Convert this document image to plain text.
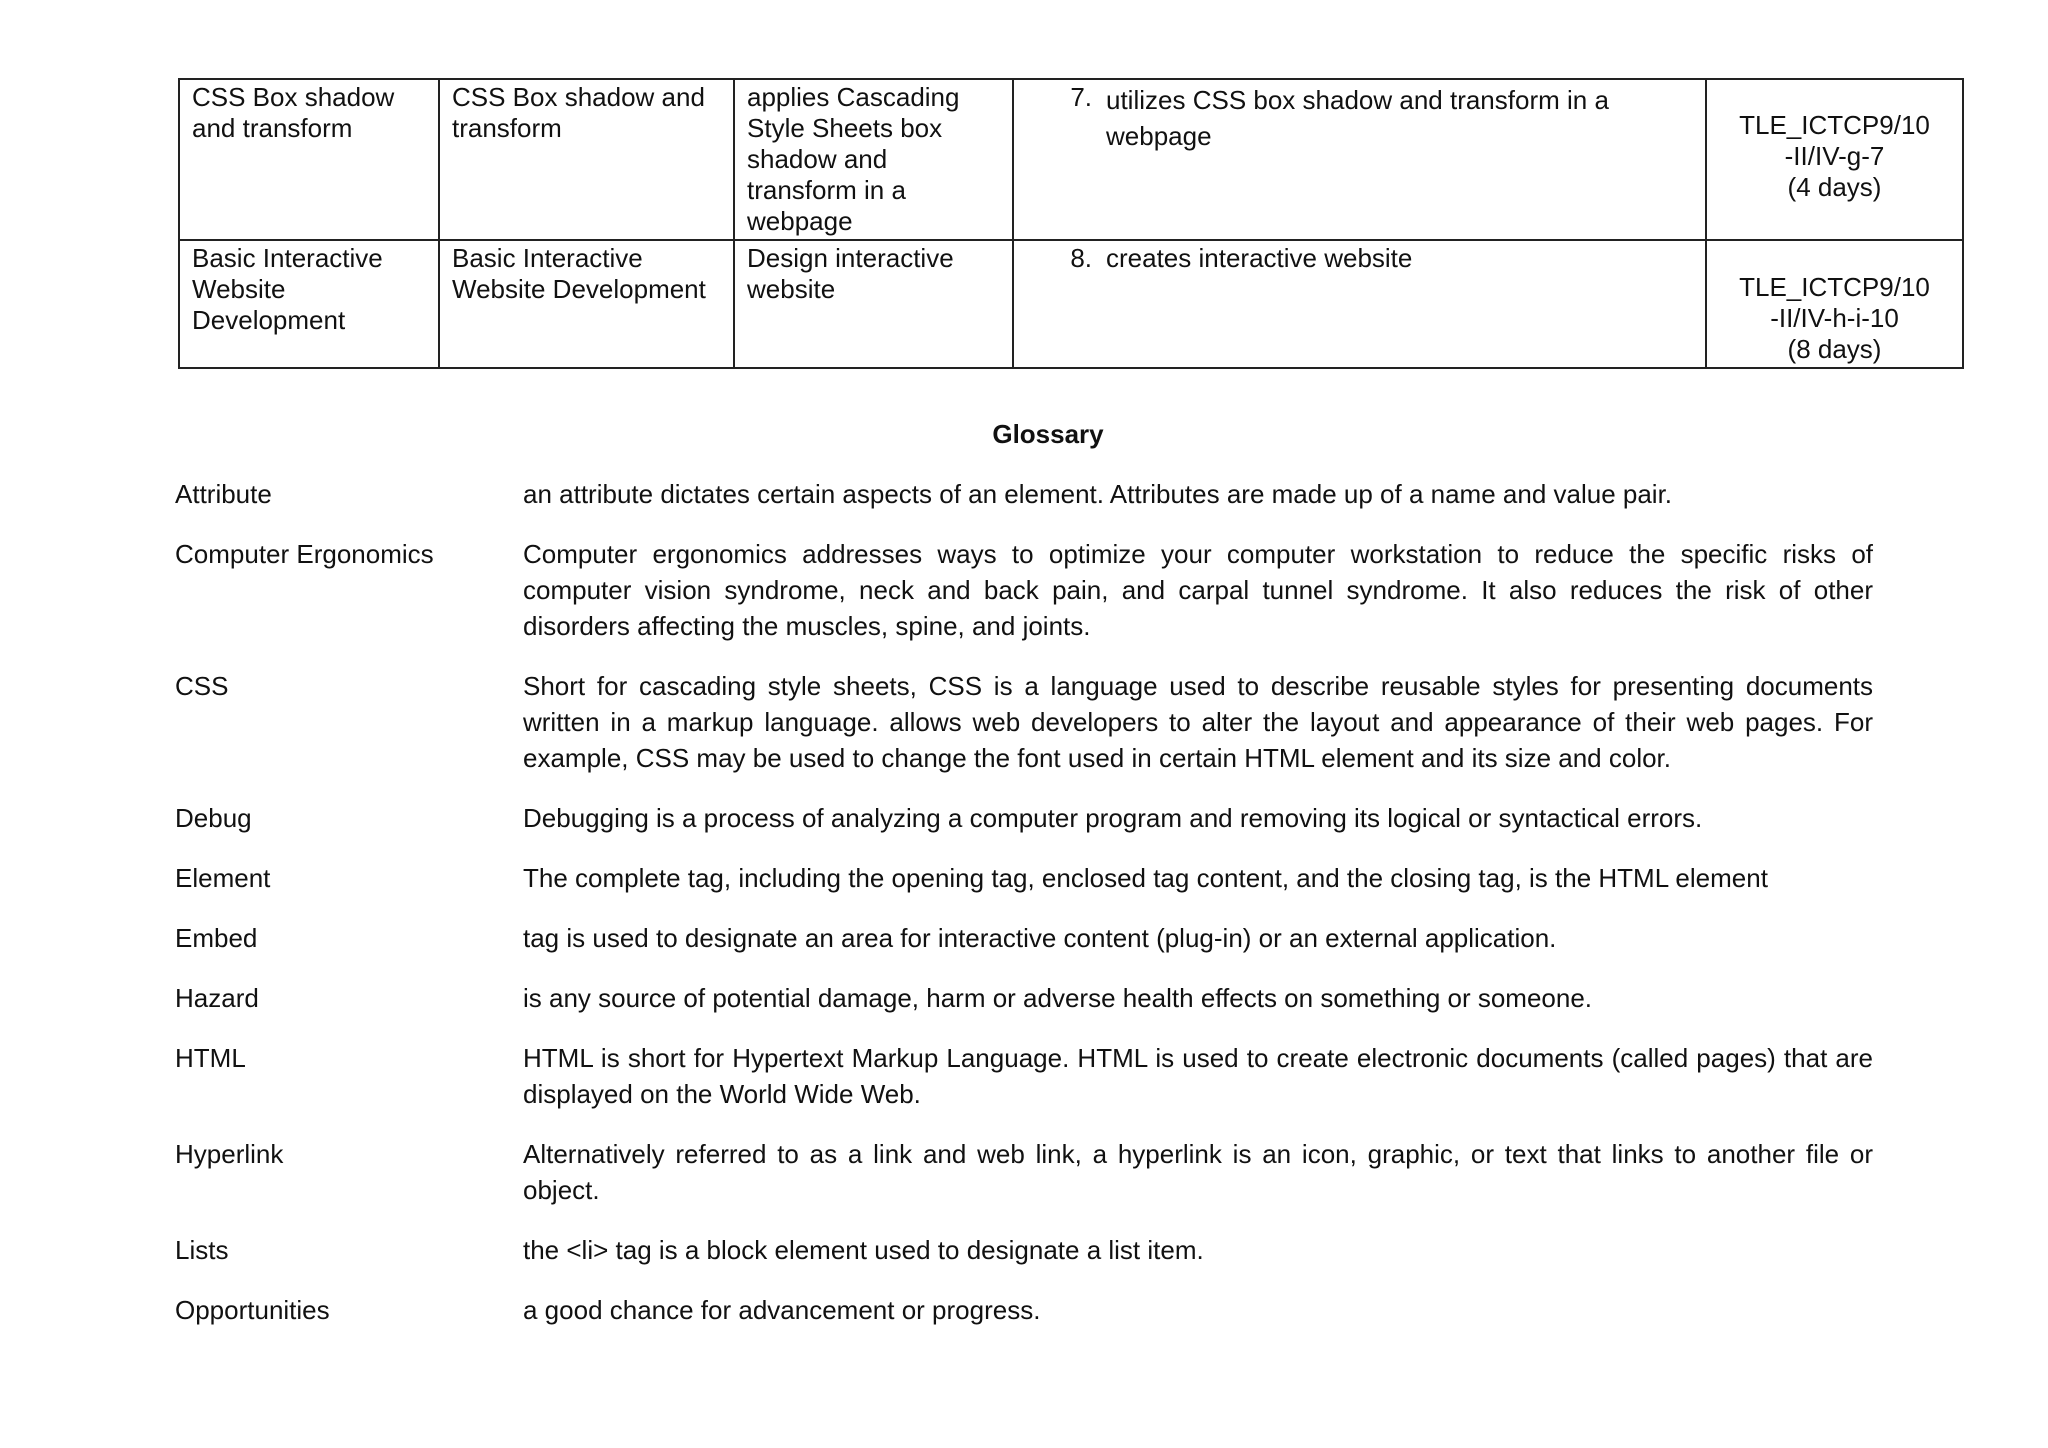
CSS Box shadow and transform	CSS Box shadow and transform	applies Cascading Style Sheets box shadow and transform in a webpage	7. utilizes CSS box shadow and transform in a webpage	TLE_ICTCP9/10
-II/IV-g-7
(4 days)

Basic Interactive Website Development	Basic Interactive Website Development	Design interactive website	8. creates interactive website	TLE_ICTCP9/10
-II/IV-h-i-10
(8 days)
Glossary
Attribute	an attribute dictates certain aspects of an element. Attributes are made up of a name and value pair.
Computer Ergonomics	Computer ergonomics addresses ways to optimize your computer workstation to reduce the specific risks of computer vision syndrome, neck and back pain, and carpal tunnel syndrome. It also reduces the risk of other disorders affecting the muscles, spine, and joints.
CSS	Short for cascading style sheets, CSS is a language used to describe reusable styles for presenting documents written in a markup language. allows web developers to alter the layout and appearance of their web pages. For example, CSS may be used to change the font used in certain HTML element and its size and color.
Debug	Debugging is a process of analyzing a computer program and removing its logical or syntactical errors.
Element	The complete tag, including the opening tag, enclosed tag content, and the closing tag, is the HTML element
Embed	tag is used to designate an area for interactive content (plug-in) or an external application.
Hazard	is any source of potential damage, harm or adverse health effects on something or someone.
HTML	HTML is short for Hypertext Markup Language. HTML is used to create electronic documents (called pages) that are displayed on the World Wide Web.
Hyperlink	Alternatively referred to as a link and web link, a hyperlink is an icon, graphic, or text that links to another file or object.
Lists	the <li> tag is a block element used to designate a list item.
Opportunities	a good chance for advancement or progress.
